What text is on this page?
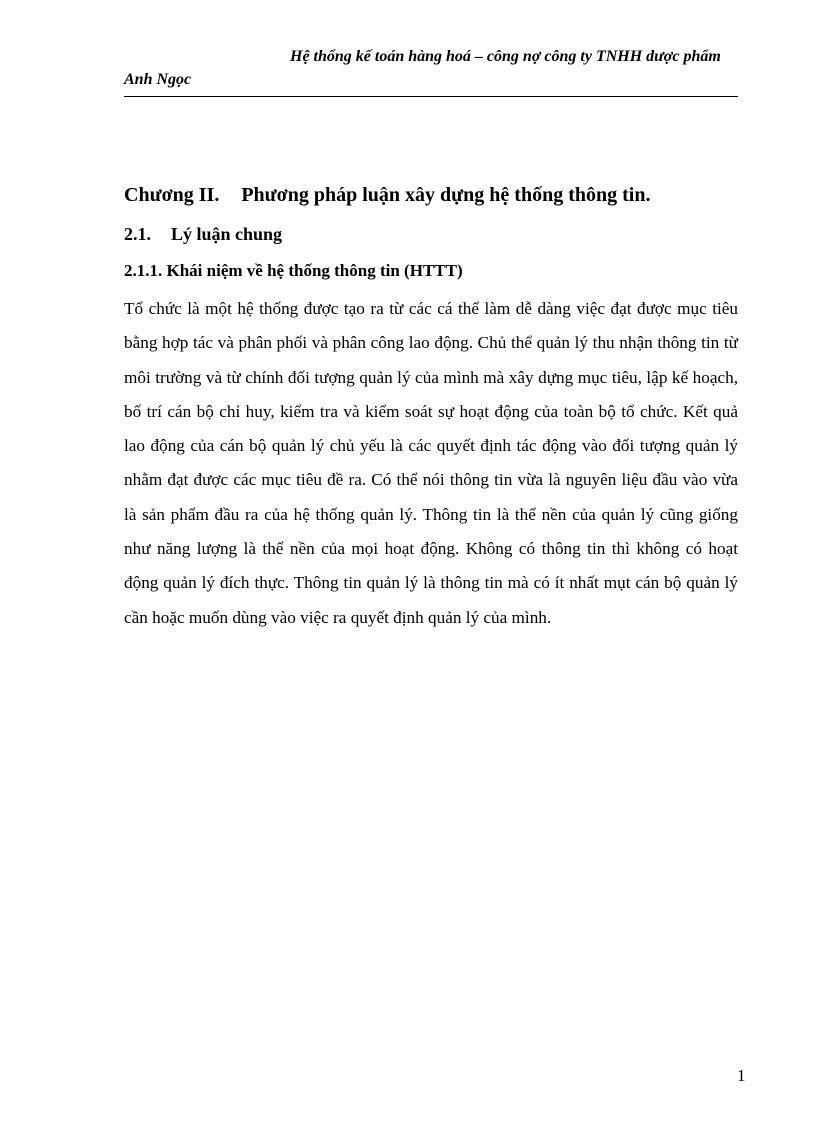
Hệ thống kế toán hàng hoá – công nợ công ty TNHH dược phẩm
Anh Ngọc
Chương II. Phương pháp luận xây dựng hệ thống thông tin.
2.1. Lý luận chung
2.1.1. Khái niệm về hệ thống thông tin (HTTT)

Tổ chức là một hệ thống được tạo ra từ các cá thể làm dễ dàng việc đạt được mục tiêu bằng hợp tác và phân phối và phân công lao động. Chủ thể quản lý thu nhận thông tin từ môi trường và từ chính đối tượng quản lý của mình mà xây dựng mục tiêu, lập kế hoạch, bố trí cán bộ chỉ huy, kiểm tra và kiểm soát sự hoạt động của toàn bộ tổ chức. Kết quả lao động của cán bộ quản lý chủ yếu là các quyết định tác động vào đối tượng quản lý nhằm đạt được các mục tiêu đề ra. Có thể nói thông tin vừa là nguyên liệu đầu vào vừa là sản phẩm đầu ra của hệ thống quản lý. Thông tin là thể nền của quản lý cũng giống như năng lượng là thể nền của mọi hoạt động. Không có thông tin thì không có hoạt động quản lý đích thực. Thông tin quản lý là thông tin mà có ít nhất mụt cán bộ quản lý cần hoặc muốn dùng vào việc ra quyết định quản lý của mình.

1
